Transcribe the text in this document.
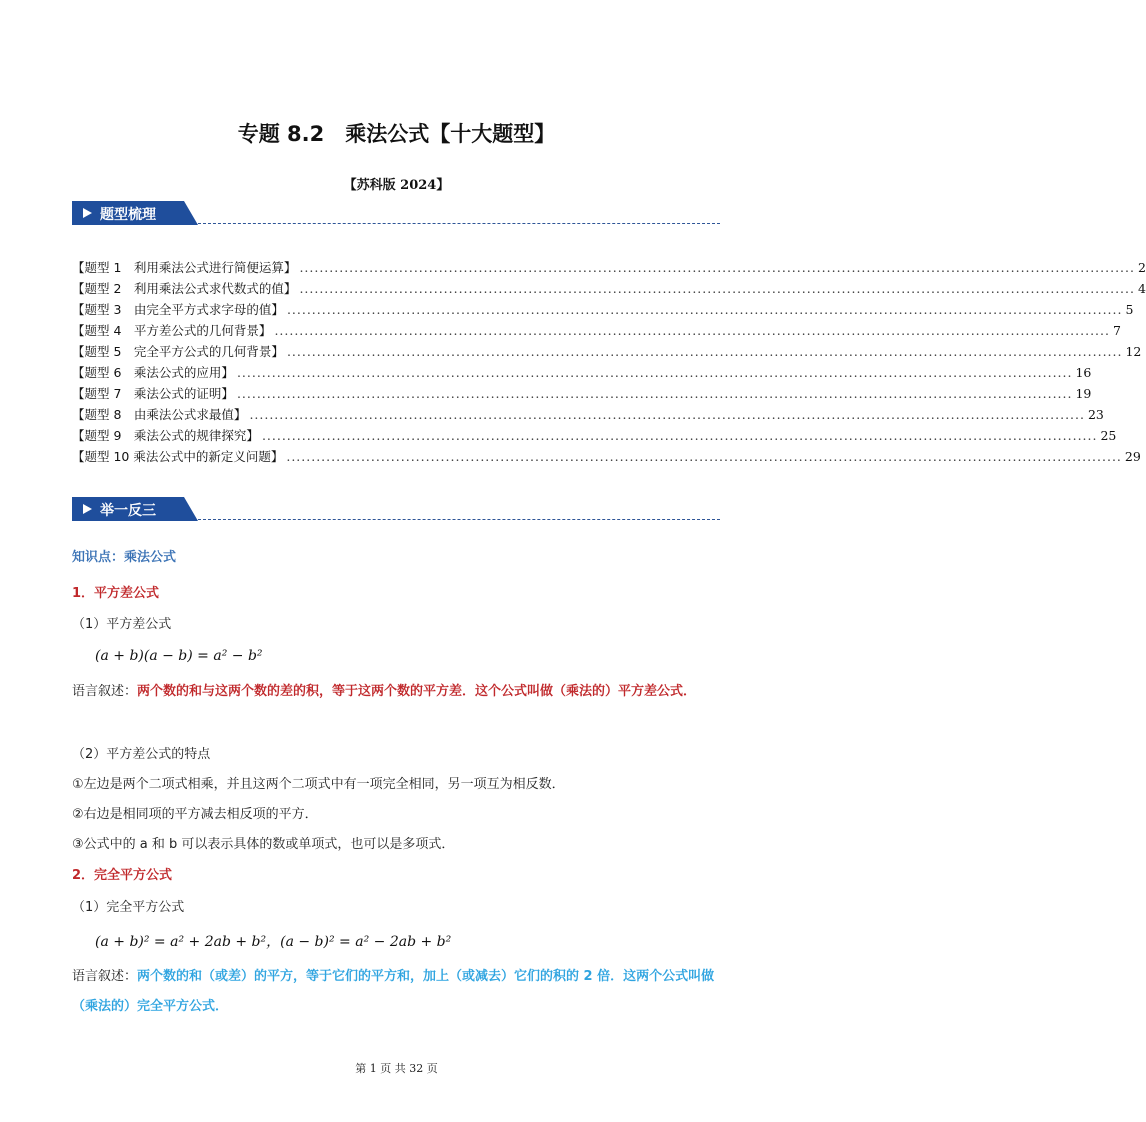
专题 8.2　乘法公式【十大题型】
【苏科版 2024】
题型梳理
【题型 1　利用乘法公式进行简便运算】 ........................................................................................................................................................................ 2
【题型 2　利用乘法公式求代数式的值】 ........................................................................................................................................................................ 4
【题型 3　由完全平方式求字母的值】 ........................................................................................................................................................................ 5
【题型 4　平方差公式的几何背景】 ........................................................................................................................................................................ 7
【题型 5　完全平方公式的几何背景】 ........................................................................................................................................................................ 12
【题型 6　乘法公式的应用】 ........................................................................................................................................................................ 16
【题型 7　乘法公式的证明】 ........................................................................................................................................................................ 19
【题型 8　由乘法公式求最值】 ........................................................................................................................................................................ 23
【题型 9　乘法公式的规律探究】 ........................................................................................................................................................................ 25
【题型 10 乘法公式中的新定义问题】 ........................................................................................................................................................................ 29
举一反三
知识点：乘法公式
1．平方差公式
（1）平方差公式
(a + b)(a − b) = a² − b²
语言叙述：两个数的和与这两个数的差的积，等于这两个数的平方差．这个公式叫做（乘法的）平方差公式．
（2）平方差公式的特点
①左边是两个二项式相乘，并且这两个二项式中有一项完全相同，另一项互为相反数．
②右边是相同项的平方减去相反项的平方．
③公式中的 a 和 b 可以表示具体的数或单项式，也可以是多项式．
2．完全平方公式
（1）完全平方公式
(a + b)² = a² + 2ab + b²，(a − b)² = a² − 2ab + b²
语言叙述：两个数的和（或差）的平方，等于它们的平方和，加上（或减去）它们的积的 2 倍．这两个公式叫做（乘法的）完全平方公式．
第 1 页 共 32 页
